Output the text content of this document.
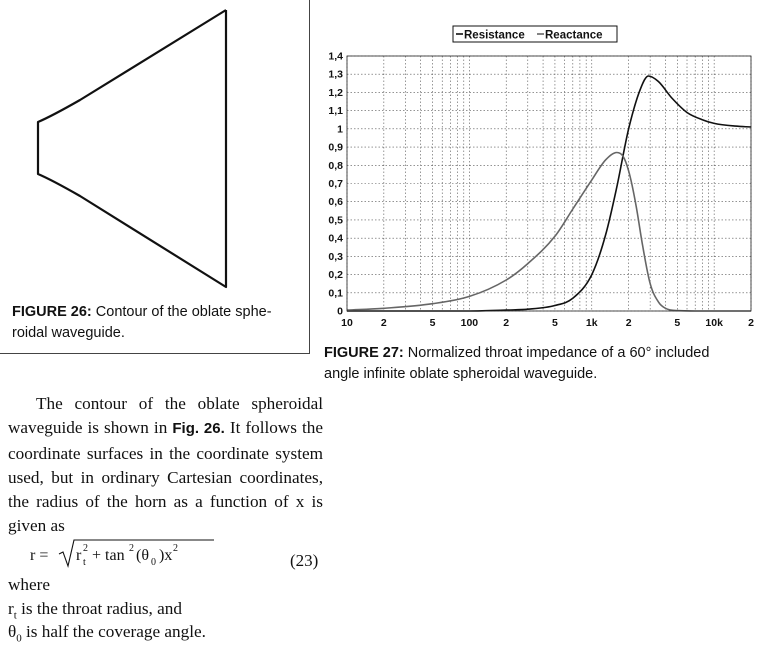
FIGURE 26: Contour of the oblate sphe-
roidal waveguide.
0
0,1
0,2
0,3
0,4
0,5
0,6
0,7
0,8
0,9
1
1,1
1,2
1,3
1,4
10	2	5 100 2	5	1k	2	5 10k 2
Resistance Reactance
FIGURE 27: Normalized throat impedance of a 60° included
angle infinite oblate spheroidal waveguide.
The contour of the oblate spheroidal waveguide is shown in Fig. 26. It follows the coordinate surfaces in the coordinate system used, but in ordinary Cartesian coordinates, the radius of the horn as a function of x is given as
r = r t
2 + tan 2 (θ 0 )x 2
(23)
where
$r_t$ is the throat radius, and
$\theta_0$ is half the coverage angle.
